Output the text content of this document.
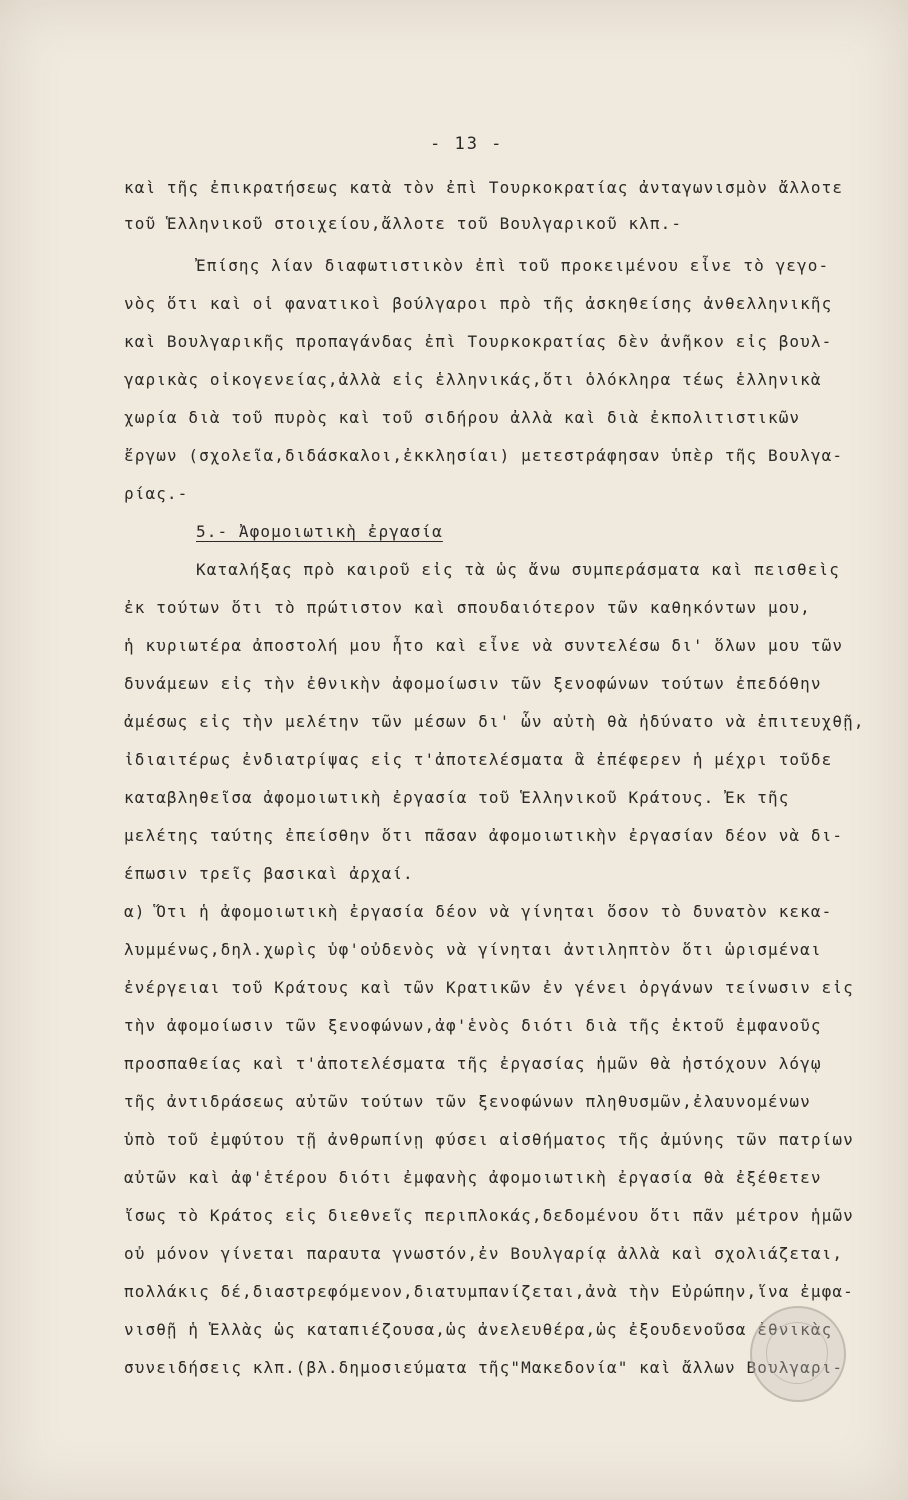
- 13 -
καὶ τῆς ἐπικρατήσεως κατὰ τὸν ἐπὶ Τουρκοκρατίας ἀνταγωνισμὸν ἄλλοτε
τοῦ Ἑλληνικοῦ στοιχείου,ἄλλοτε τοῦ Βουλγαρικοῦ κλπ.-
Ἐπίσης λίαν διαφωτιστικὸν ἐπὶ τοῦ προκειμένου εἶνε τὸ γεγο-
νὸς ὅτι καὶ οἱ φανατικοὶ βούλγαροι πρὸ τῆς ἀσκηθείσης ἀνθελληνικῆς
καὶ Βουλγαρικῆς προπαγάνδας ἐπὶ Τουρκοκρατίας δὲν ἀνῆκον εἰς βουλ-
γαρικὰς οἰκογενείας,ἀλλὰ εἰς ἑλληνικάς,ὅτι ὁλόκληρα τέως ἑλληνικὰ
χωρία διὰ τοῦ πυρὸς καὶ τοῦ σιδήρου ἀλλὰ καὶ διὰ ἐκπολιτιστικῶν
ἔργων (σχολεῖα,διδάσκαλοι,ἐκκλησίαι) μετεστράφησαν ὑπὲρ τῆς Βουλγα-
ρίας.-
5.- Ἀφομοιωτικὴ ἐργασία
Καταλήξας πρὸ καιροῦ εἰς τὰ ὡς ἄνω συμπεράσματα καὶ πεισθεὶς
ἐκ τούτων ὅτι τὸ πρώτιστον καὶ σπουδαιότερον τῶν καθηκόντων μου,
ἡ κυριωτέρα ἀποστολή μου ἦτο καὶ εἶνε νὰ συντελέσω δι' ὅλων μου τῶν
δυνάμεων εἰς τὴν ἐθνικὴν ἀφομοίωσιν τῶν ξενοφώνων τούτων ἐπεδόθην
ἀμέσως εἰς τὴν μελέτην τῶν μέσων δι' ὧν αὐτὴ θὰ ἠδύνατο νὰ ἐπιτευχθῇ,
ἰδιαιτέρως ἐνδιατρίψας εἰς τ'ἀποτελέσματα ἃ ἐπέφερεν ἡ μέχρι τοῦδε
καταβληθεῖσα ἀφομοιωτικὴ ἐργασία τοῦ Ἑλληνικοῦ Κράτους. Ἐκ τῆς
μελέτης ταύτης ἐπείσθην ὅτι πᾶσαν ἀφομοιωτικὴν ἐργασίαν δέον νὰ δι-
έπωσιν τρεῖς βασικαὶ ἀρχαί.
α) Ὅτι ἡ ἀφομοιωτικὴ ἐργασία δέον νὰ γίνηται ὅσον τὸ δυνατὸν κεκα-
λυμμένως,δηλ.χωρὶς ὑφ'οὐδενὸς νὰ γίνηται ἀντιληπτὸν ὅτι ὡρισμέναι
ἐνέργειαι τοῦ Κράτους καὶ τῶν Κρατικῶν ἐν γένει ὀργάνων τείνωσιν εἰς
τὴν ἀφομοίωσιν τῶν ξενοφώνων,ἀφ'ἑνὸς διότι διὰ τῆς ἐκτοῦ ἐμφανοῦς
προσπαθείας καὶ τ'ἀποτελέσματα τῆς ἐργασίας ἡμῶν θὰ ἠστόχουν λόγῳ
τῆς ἀντιδράσεως αὐτῶν τούτων τῶν ξενοφώνων πληθυσμῶν,ἐλαυνομένων
ὑπὸ τοῦ ἐμφύτου τῇ ἀνθρωπίνῃ φύσει αἰσθήματος τῆς ἀμύνης τῶν πατρίων
αὐτῶν καὶ ἀφ'ἑτέρου διότι ἐμφανὴς ἀφομοιωτικὴ ἐργασία θὰ ἐξέθετεν
ἴσως τὸ Κράτος εἰς διεθνεῖς περιπλοκάς,δεδομένου ὅτι πᾶν μέτρον ἡμῶν
οὐ μόνον γίνεται παραυτα γνωστόν,ἐν Βουλγαρίᾳ ἀλλὰ καὶ σχολιάζεται,
πολλάκις δέ,διαστρεφόμενον,διατυμπανίζεται,ἀνὰ τὴν Εὐρώπην,ἵνα ἐμφα-
νισθῇ ἡ Ἑλλὰς ὡς καταπιέζουσα,ὡς ἀνελευθέρα,ὡς ἐξουδενοῦσα ἐθνικὰς
συνειδήσεις κλπ.(βλ.δημοσιεύματα τῆς"Μακεδονία" καὶ ἄλλων Βουλγαρι-
